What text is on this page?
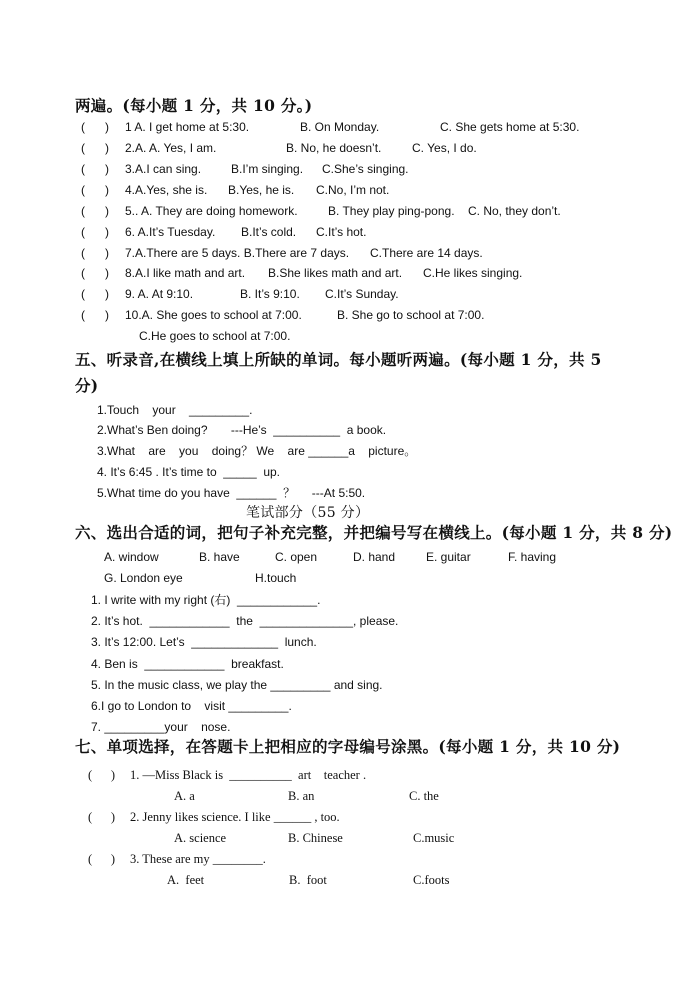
两遍。(每小题 1 分，共 10 分。)
(      ) 1 A. I get home at 5:30.	B. On Monday.	C. She gets home at 5:30.
(      ) 2.A. A. Yes, I am.	B. No, he doesn’t.	C. Yes, I do.
(      ) 3.A.I can sing. B.I’m singing. C.She’s singing.
(      ) 4.A.Yes, she is. B.Yes, he is. C.No, I’m not.
(      ) 5.. A. They are doing homework.	B. They play ping-pong. C. No, they don’t.
(      ) 6. A.It’s Tuesday. B.It’s cold. C.It’s hot.
(      ) 7.A.There are 5 days. B.There are 7 days. C.There are 14 days.
(      ) 8.A.I like math and art. B.She likes math and art. C.He likes singing.
(      ) 9. A. At 9:10.	B. It’s 9:10. C.It’s Sunday.
(      ) 10.A. She goes to school at 7:00.	B. She go to school at 7:00.
C.He goes to school at 7:00.
五、听录音,在横线上填上所缺的单词。每小题听两遍。(每小题 1 分，共 5
分)
1.Touch    your    _________.
2.What’s Ben doing?       ---He’s  __________  a book.
3.What    are    you    doing？ We    are ______a    picture。
4. It’s 6:45 . It’s time to  _____  up.
5.What time do you have  ______  ？     ---At 5:50.
笔试部分（55 分）
六、选出合适的词，把句子补充完整，并把编号写在横线上。(每小题 1 分，共 8 分)
A. window	B. have	C. open	D. hand	E. guitar	F. having
G. London eye	H.touch
1. I write with my right (右)  ____________.
2. It’s hot.  ____________  the  ______________, please.
3. It’s 12:00. Let’s  _____________  lunch.
4. Ben is  ____________  breakfast.
5. In the music class, we play the _________ and sing.
6.I go to London to    visit _________.
7. _________your    nose.
七、单项选择，在答题卡上把相应的字母编号涂黑。(每小题 1 分，共 10 分)
(      ) 1. —Miss Black is  __________  art    teacher .
A. a	B. an	C. the
(      ) 2. Jenny likes science. I like ______ , too.
A. science	B. Chinese	C.music
(      ) 3. These are my ________.
A.  feet	B.  foot	C.foots
